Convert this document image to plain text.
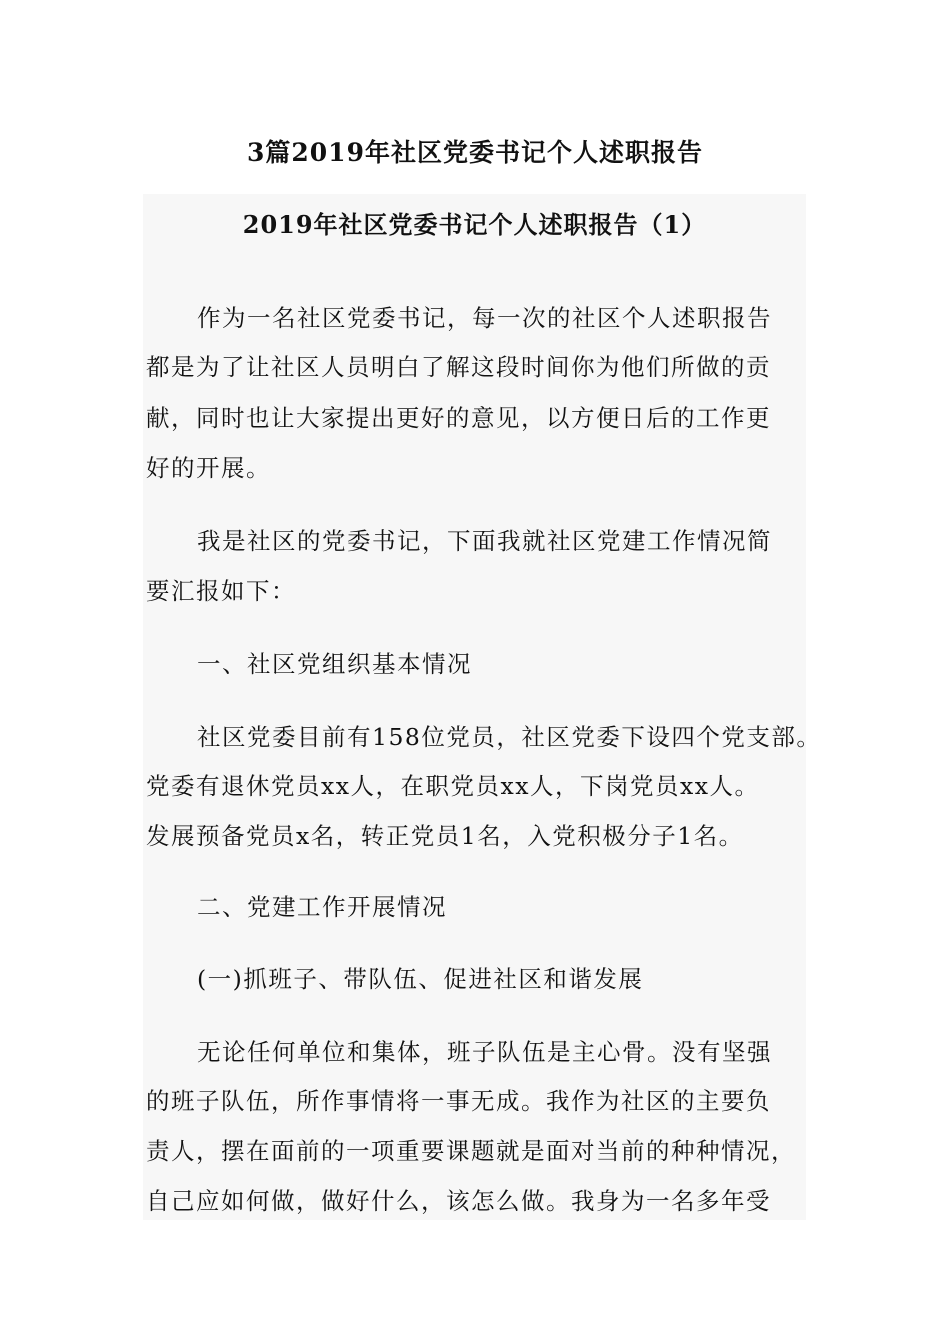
3篇2019年社区党委书记个人述职报告
2019年社区党委书记个人述职报告（1）

作为一名社区党委书记，每一次的社区个人述职报告

都是为了让社区人员明白了解这段时间你为他们所做的贡

献，同时也让大家提出更好的意见，以方便日后的工作更

好的开展。

我是社区的党委书记，下面我就社区党建工作情况简

要汇报如下：

一、社区党组织基本情况

社区党委目前有158位党员，社区党委下设四个党支部。

党委有退休党员xx人，在职党员xx人，下岗党员xx人。

发展预备党员x名，转正党员1名，入党积极分子1名。

二、党建工作开展情况

(一)抓班子、带队伍、促进社区和谐发展

无论任何单位和集体，班子队伍是主心骨。没有坚强

的班子队伍，所作事情将一事无成。我作为社区的主要负

责人，摆在面前的一项重要课题就是面对当前的种种情况，

自己应如何做，做好什么，该怎么做。我身为一名多年受
